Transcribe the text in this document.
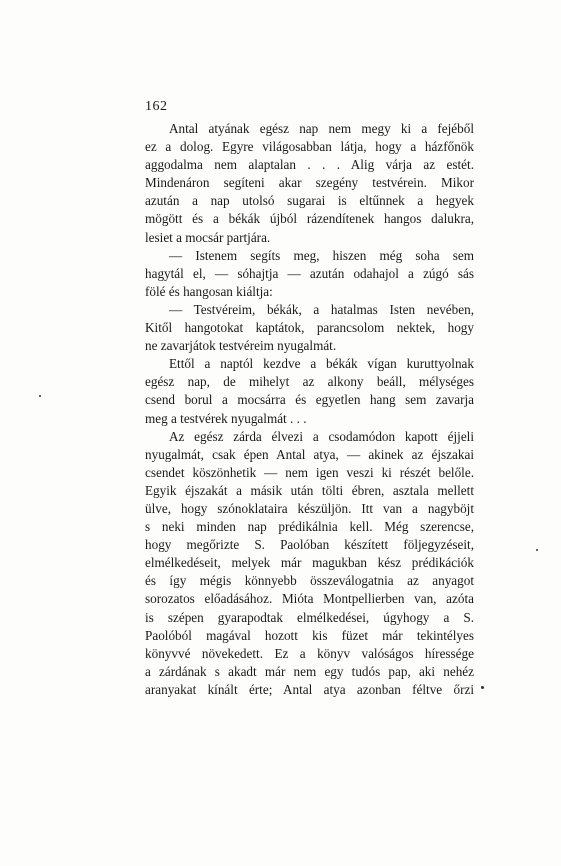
162
Antal atyának egész nap nem megy ki a fejéből
ez a dolog. Egyre világosabban látja, hogy a házfőnök
aggodalma nem alaptalan . . . Alig várja az estét.
Mindenáron segíteni akar szegény testvérein. Mikor
azután a nap utolsó sugarai is eltűnnek a hegyek
mögött és a békák újból rázendítenek hangos dalukra,
lesiet a mocsár partjára.
— Istenem segíts meg, hiszen még soha sem
hagytál el, — sóhajtja — azután odahajol a zúgó sás
fölé és hangosan kiáltja:
— Testvéreim, békák, a hatalmas Isten nevében,
Kitől hangotokat kaptátok, parancsolom nektek, hogy
ne zavarjátok testvéreim nyugalmát.
Ettől a naptól kezdve a békák vígan kuruttyolnak
egész nap, de mihelyt az alkony beáll, mélységes
csend borul a mocsárra és egyetlen hang sem zavarja
meg a testvérek nyugalmát . . .
Az egész zárda élvezi a csodamódon kapott éjjeli
nyugalmát, csak épen Antal atya, — akinek az éjszakai
csendet köszönhetik — nem igen veszi ki részét belőle.
Egyik éjszakát a másik után tölti ébren, asztala mellett
ülve, hogy szónoklataira készüljön. Itt van a nagyböjt
s neki minden nap prédikálnia kell. Még szerencse,
hogy megőrizte S. Paolóban készített följegyzéseit,
elmélkedéseit, melyek már magukban kész prédikációk
és így mégis könnyebb összeválogatnia az anyagot
sorozatos előadásához. Mióta Montpellierben van, azóta
is szépen gyarapodtak elmélkedései, úgyhogy a S.
Paolóból magával hozott kis füzet már tekintélyes
könyvvé növekedett. Ez a könyv valóságos híressége
a zárdának s akadt már nem egy tudós pap, aki nehéz
aranyakat kínált érte; Antal atya azonban féltve őrzi
